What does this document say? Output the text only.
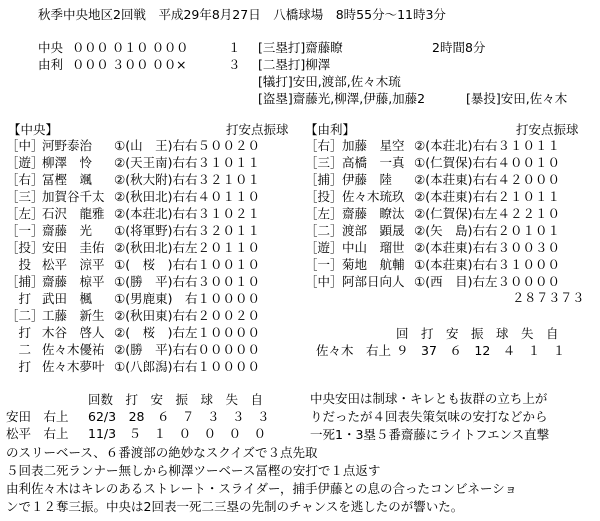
秋季中央地区2回戦　平成29年8月27日　八橋球場　8時55分～11時3分
中央 ０００ ０１０ ０００	１
由利 ０００ ３００ ００×	３
[三塁打]齋藤瞭	2時間8分
[二塁打]柳澤
[犠打]安田,渡部,佐々木琉
[盗塁]齋藤光,柳澤,伊藤,加藤2	[暴投]安田,佐々木
【中央】	打安点振球
［中］
河野泰治 ①(山　王)右右５００２０
［遊］
柳澤　怜 ②(天王南)右右３１０１１
［右］
冨樫　颯 ②(秋大附)右右３２１０１
［三］
加賀谷千太 ②(秋田北)右右４０１１０
［左］
石沢　龍雅 ②(本荘北)右右３１０２１
［一］
齋藤　光 ①(将軍野)右右３２０１１
［投］
安田　圭佑 ②(秋田北)右左２０１１０
　投　
松平　涼平 ①(　桜　)右右１００１０
［捕］
齋藤　椋平 ①(勝　平)右右３００１０
　打　
武田　楓 ①(男鹿東)　右１００００
［二］
工藤　新生 ②(秋田東)右右２００２０
　打　
木谷　啓人 ②(　桜　)右左１００００
　二　
佐々木優祐 ②(勝　平)右右０００００
　打　
佐々木夢叶 ①(八郎潟)右右１００００
【由利】	打安点振球
［右］ 加藤　星空 ②(本荘北)右右３１０１１
［三］ 高橋　一真 ①(仁賀保)右右４００１０
［捕］ 伊藤　陸 ②(本荘東)右右４２０００
［投］ 佐々木琉玖 ②(本荘東)右右２１０１１
［左］ 齋藤　瞭汰 ②(仁賀保)右左４２２１０
［二］ 渡部　顕晟 ②(矢　島)右右２０１０１
［遊］ 中山　瑠世 ②(本荘東)右右３００３０
［一］ 菊地　航輔 ①(本荘東)右右３１０００
［中］ 阿部日向人 ①(西　目)右左３００００
２８７３７３
回　打　安　振　球　失　自
佐々木　右上 ９　37　６　12　４　１　１
回数　打　安　振　球　失　自
安田　右上 62/3　28　６　７　３　３　３
松平　右上 11/3　５　１　０　０　０　０
中央安田は制球・キレとも抜群の立ち上が
りだったが４回表失策気味の安打などから
一死1・3塁５番齋藤にライトフエンス直撃
のスリーベース、６番渡部の絶妙なスクイズで３点先取
５回表二死ランナー無しから柳澤ツーベース冨樫の安打で１点返す
由利佐々木はキレのあるストレート・スライダー，捕手伊藤との息の合ったコンビネーショ
ンで１２奪三振。中央は2回表一死二三塁の先制のチャンスを逃したのが響いた。
